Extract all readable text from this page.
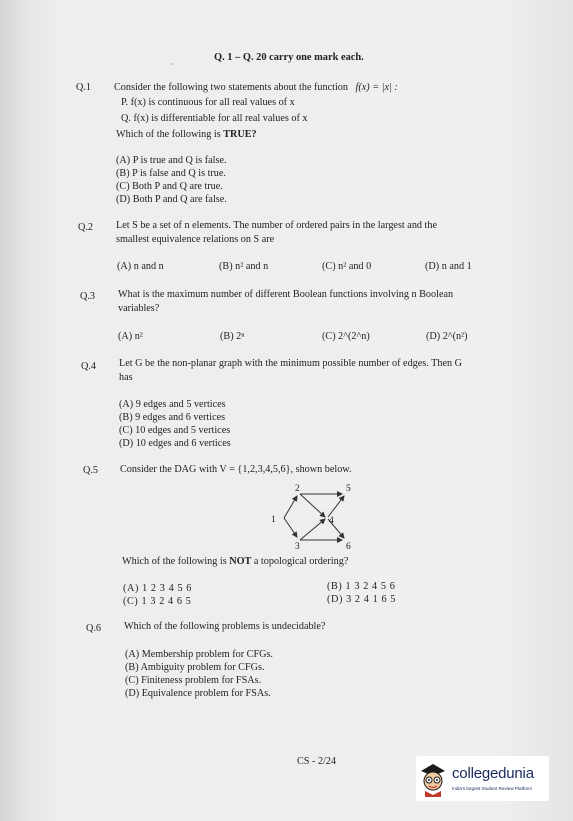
·
Q. 1 – Q. 20 carry one mark each.
Q.1 Consider the following two statements about the function f(x) = |x| :
P. f(x) is continuous for all real values of x
Q. f(x) is differentiable for all real values of x
Which of the following is TRUE?
(A) P is true and Q is false.
(B) P is false and Q is true.
(C) Both P and Q are true.
(D) Both P and Q are false.
Q.2 Let S be a set of n elements. The number of ordered pairs in the largest and the
smallest equivalence relations on S are
(A) n and n	(B) n² and n	(C) n² and 0	(D) n and 1
Q.3 What is the maximum number of different Boolean functions involving n Boolean
variables?
(A) n²	(B) 2ⁿ	(C) 2^(2^n)	(D) 2^(n²)
Q.4 Let G be the non-planar graph with the minimum possible number of edges. Then G
has
(A) 9 edges and 5 vertices
(B) 9 edges and 6 vertices
(C) 10 edges and 5 vertices
(D) 10 edges and 6 vertices
Q.5 Consider the DAG with V = {1,2,3,4,5,6}, shown below.
1
2
3
4
5
6
Which of the following is NOT a topological ordering?
(A) 1 2 3 4 5 6
(C) 1 3 2 4 6 5
(B) 1 3 2 4 5 6
(D) 3 2 4 1 6 5
Q.6 Which of the following problems is undecidable?
(A) Membership problem for CFGs.
(B) Ambiguity problem for CFGs.
(C) Finiteness problem for FSAs.
(D) Equivalence problem for FSAs.
CS - 2/24
collegedunia
India's largest Student Review Platform
